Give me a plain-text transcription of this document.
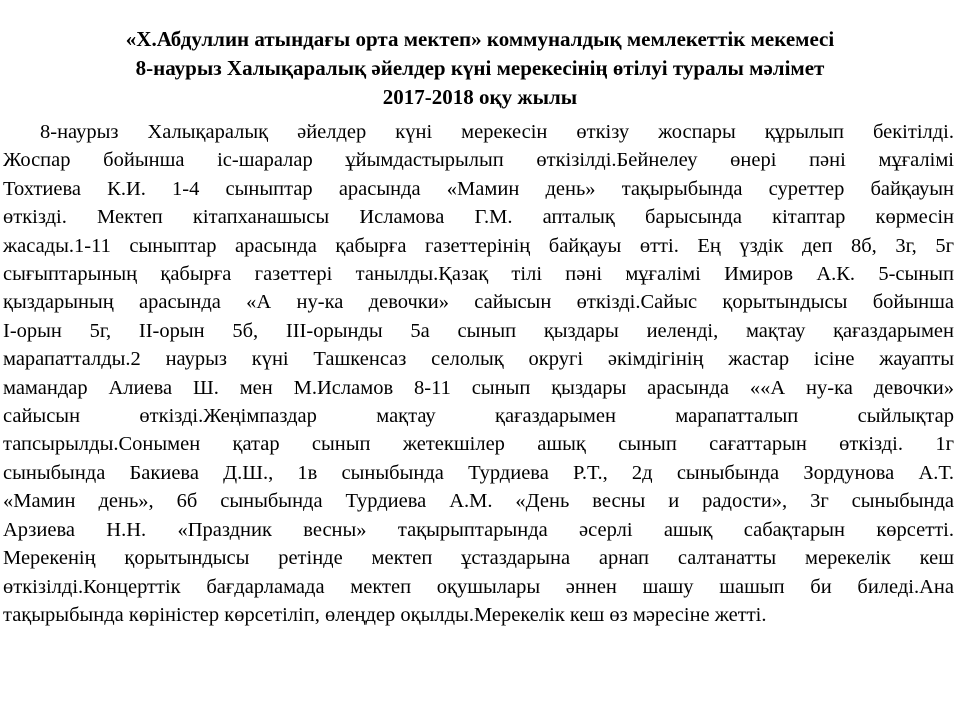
«Х.Абдуллин атындағы орта мектеп» коммуналдық мемлекеттік мекемесі
8-наурыз Халықаралық әйелдер күні мерекесінің өтілуі туралы мәлімет
2017-2018 оқу жылы
8-наурыз Халықаралық әйелдер күні мерекесін өткізу жоспары құрылып бекітілді.
Жоспар бойынша іс-шаралар ұйымдастырылып өткізілді.Бейнелеу өнері пәні мұғалімі
Тохтиева К.И. 1-4 сыныптар арасында «Мамин день» тақырыбында суреттер байқауын
өткізді. Мектеп кітапханашысы Исламова Г.М. апталық барысында кітаптар көрмесін
жасады.1-11 сыныптар арасында қабырға газеттерінің байқауы өтті. Ең үздік деп 8б, 3г, 5г
сығыптарының қабырға газеттері танылды.Қазақ тілі пәні мұғалімі Имиров А.К. 5-сынып
қыздарының арасында «А ну-ка девочки» сайысын өткізді.Сайыс қорытындысы бойынша
І-орын 5г, ІІ-орын 5б, ІІІ-орынды 5а сынып қыздары иеленді, мақтау қағаздарымен
марапатталды.2 наурыз күні Ташкенсаз селолық округі әкімдігінің жастар ісіне жауапты
мамандар Алиева Ш. мен М.Исламов 8-11 сынып қыздары арасында ««А ну-ка девочки»
сайысын өткізді.Жеңімпаздар мақтау қағаздарымен марапатталып сыйлықтар
тапсырылды.Сонымен қатар сынып жетекшілер ашық сынып сағаттарын өткізді. 1г
сыныбында Бакиева Д.Ш., 1в сыныбында Турдиева Р.Т., 2д сыныбында Зордунова А.Т.
«Мамин день», 6б сыныбында Турдиева А.М. «День весны и радости», 3г сыныбында
Арзиева Н.Н. «Праздник весны» тақырыптарында әсерлі ашық сабақтарын көрсетті.
Мерекенің қорытындысы ретінде мектеп ұстаздарына арнап салтанатты мерекелік кеш
өткізілді.Концерттік бағдарламада мектеп оқушылары әннен шашу шашып би биледі.Ана
тақырыбында көріністер көрсетіліп, өлеңдер оқылды.Мерекелік кеш өз мәресіне жетті.
